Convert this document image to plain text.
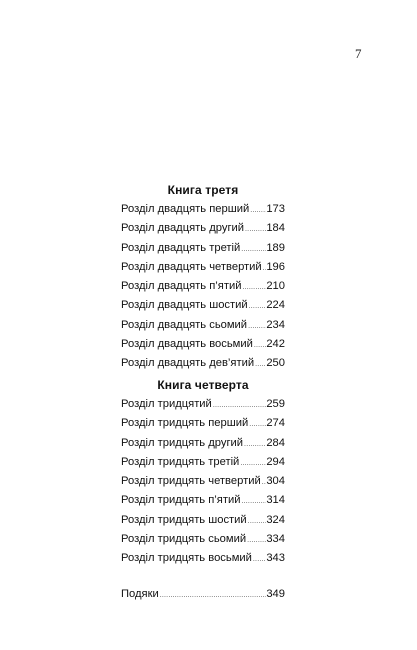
7
Книга третя
Розділ двадцять перший ..... 173
Розділ двадцять другий ..... 184
Розділ двадцять третій ..... 189
Розділ двадцять четвертий ..... 196
Розділ двадцять п’ятий ..... 210
Розділ двадцять шостий ..... 224
Розділ двадцять сьомий ..... 234
Розділ двадцять восьмий ..... 242
Розділ двадцять дев’ятий ..... 250
Книга четверта
Розділ тридцятий .....	259
Розділ тридцять перший ..... 274
Розділ тридцять другий ..... 284
Розділ тридцять третій ..... 294
Розділ тридцять четвертий ..... 304
Розділ тридцять п’ятий ..... 314
Розділ тридцять шостий ..... 324
Розділ тридцять сьомий ..... 334
Розділ тридцять восьмий ..... 343
Подяки .....	349
